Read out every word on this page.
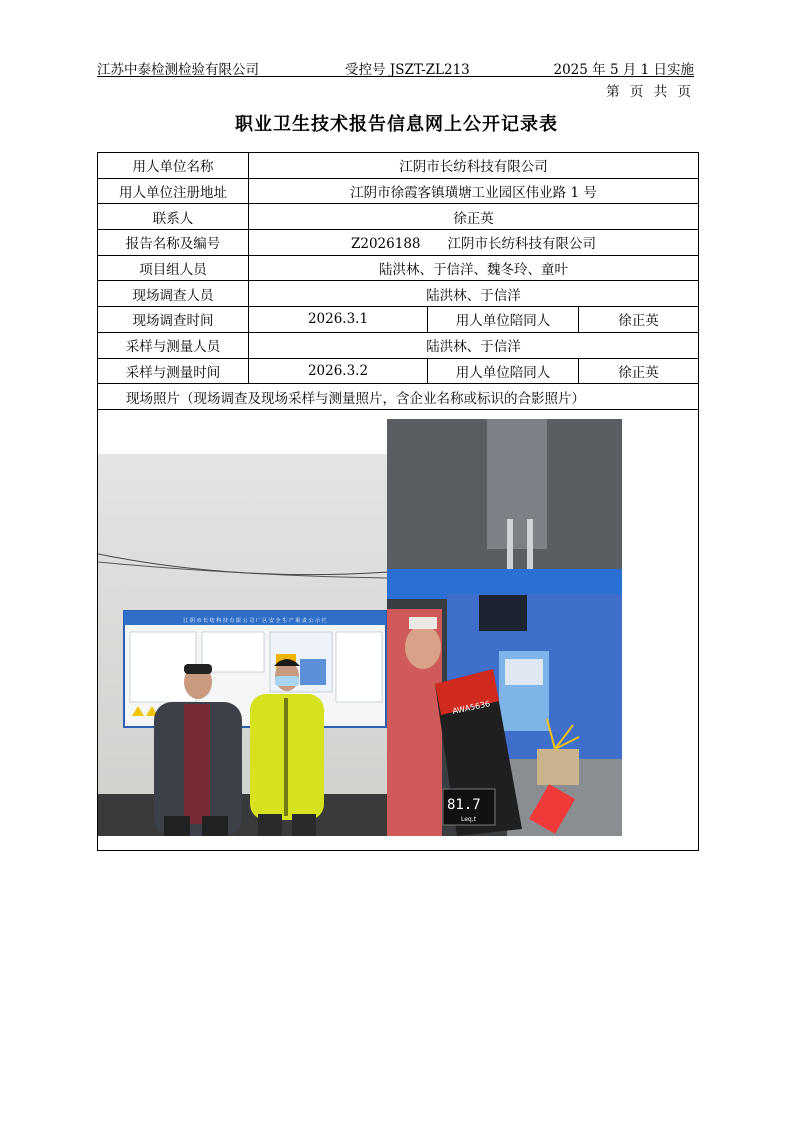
江苏中泰检测检验有限公司	受控号 JSZT-ZL213	2025 年 5 月 1 日实施
第 页 共 页
职业卫生技术报告信息网上公开记录表
用人单位名称	江阴市长纺科技有限公司		
用人单位注册地址	江阴市徐霞客镇璜塘工业园区伟业路 1 号		
联系人	徐正英		
报告名称及编号	Z2026188　　江阴市长纺科技有限公司		
项目组人员	陆洪林、于信洋、魏冬玲、童叶		
现场调查人员	陆洪林、于信洋		
现场调查时间	2026.3.1	用人单位陪同人	徐正英
采样与测量人员	陆洪林、于信洋		
采样与测量时间	2026.3.2	用人单位陪同人	徐正英
现场照片（现场调查及现场采样与测量照片，含企业名称或标识的合影照片）			

江 阴 市 长 纺 科 技 有 限 公 司 厂 区 安 全 生 产 职 责 公 示 栏
AWA5636
81.7
Leq,t			
